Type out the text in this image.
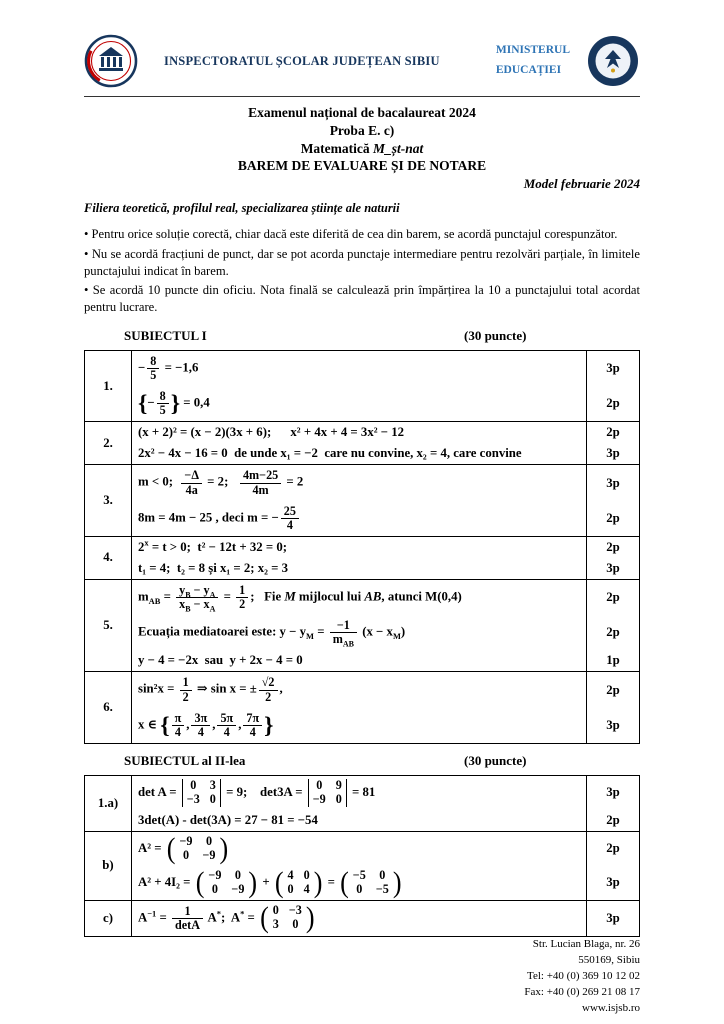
INSPECTORATUL ȘCOLAR JUDEȚEAN SIBIU
MINISTERUL
EDUCAȚIEI
Examenul național de bacalaureat 2024
Proba E. c)
Matematică M_șt-nat
BAREM DE EVALUARE ȘI DE NOTARE
Model februarie 2024
Filiera teoretică, profilul real, specializarea științe ale naturii
• Pentru orice soluție corectă, chiar dacă este diferită de cea din barem, se acordă punctajul corespunzător.
• Nu se acordă fracțiuni de punct, dar se pot acorda punctaje intermediare pentru rezolvări parțiale, în limitele punctajului indicat în barem.
• Se acordă 10 puncte din oficiu. Nota finală se calculează prin împărțirea la 10 a punctajului total acordat pentru lucrare.
SUBIECTUL I	(30 puncte)
1.	− $\frac{8}{5} = -1,6$	3p
	{− $\frac{8}{5}$ } = 0,4	2p
2.	(x + 2)² = (x − 2)(3x + 6);      x² + 4x + 4 = 3x² − 12	2p
	2x² − 4x − 16 = 0  de unde x₁ = −2  care nu convine, x₂ = 4, care convine	3p
3.	m < 0; $\frac{-\Delta}{4a} = 2$; $\frac{4m-25}{4m} = 2$	3p
	8m = 4m − 25 , deci m = − $\frac{25}{4}$	2p
4.	$2^x = t > 0$;  t² − 12t + 32 = 0;	2p
	t₁ = 4;  t₂ = 8 și x₁ = 2; x₂ = 3	3p
5.	$m_{AB} = \frac{y_B - y_A}{x_B - x_A} = \frac{1}{2}$ ;   Fie M mijlocul lui AB, atunci M(0,4)	2p
	Ecuația mediatoarei este: $y - y_M = \frac{-1}{m_{AB}} (x - x_M)$	2p
	y − 4 = −2x  sau  y + 2x − 4 = 0	1p
6.	$\sin^2x = \frac{1}{2}$ ⇒ sin x = ± $\frac{√2}{2}$ ,	2p
x ∈ { $\frac{\pi}{4}$ , $\frac{3\pi}{4}$ , $\frac{5\pi}{4}$ , $\frac{7\pi}{4}$ }	3p
SUBIECTUL al II-lea	(30 puncte)
1.a)	det A = 0 3
−3 0
= 9;    det3A = 0 9
−9 0
= 81	3p
	3det(A) - det(3A) = 27 − 81 = −54	2p
b)	A² = ( −9 0
0 −9 )	2p
A² + 4I₂ = ( −9 0
0 −9 ) + ( 4 0
0 4 ) = ( −5 0
0 −5 )	3p
c)	$A^{-1} = \frac{1}{\det A} A^*$;  A* = ( 0 −3
3 0 )	3p
Str. Lucian Blaga, nr. 26
550169, Sibiu
Tel: +40 (0) 369 10 12 02
Fax: +40 (0) 269 21 08 17
www.isjsb.ro
